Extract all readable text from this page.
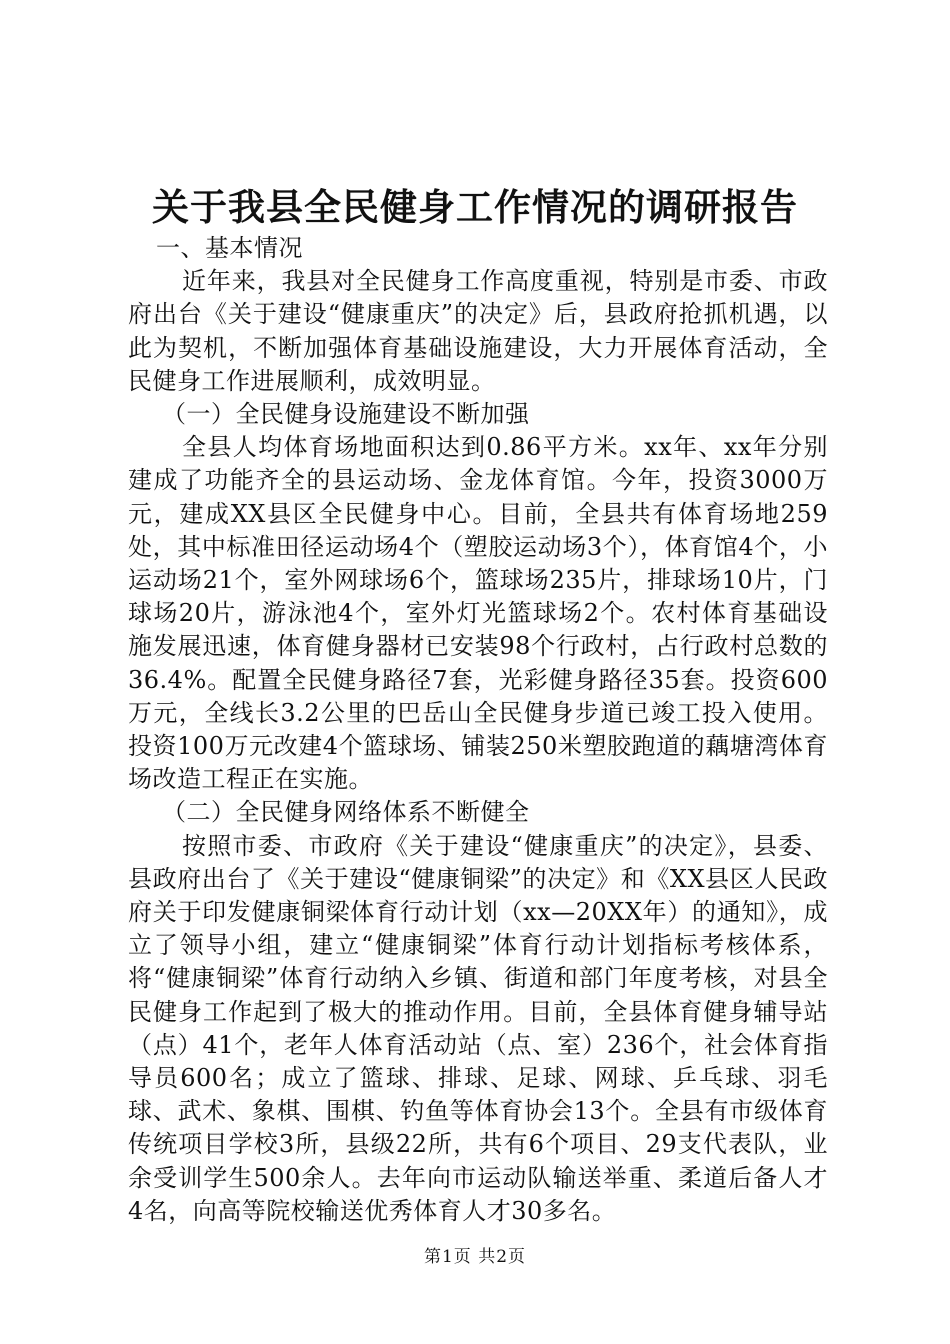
关于我县全民健身工作情况的调研报告
一、基本情况

近年来，我县对全民健身工作高度重视，特别是市委、市政府出台《关于建设“健康重庆”的决定》后，县政府抢抓机遇，以此为契机，不断加强体育基础设施建设，大力开展体育活动，全民健身工作进展顺利，成效明显。

（一）全民健身设施建设不断加强

全县人均体育场地面积达到0.86平方米。xx年、xx年分别建成了功能齐全的县运动场、金龙体育馆。今年，投资3000万元，建成XX县区全民健身中心。目前，全县共有体育场地259处，其中标准田径运动场4个（塑胶运动场3个），体育馆4个，小运动场21个，室外网球场6个，篮球场235片，排球场10片，门球场20片，游泳池4个，室外灯光篮球场2个。农村体育基础设施发展迅速，体育健身器材已安装98个行政村，占行政村总数的36.4%。配置全民健身路径7套，光彩健身路径35套。投资600万元，全线长3.2公里的巴岳山全民健身步道已竣工投入使用。投资100万元改建4个篮球场、铺装250米塑胶跑道的藕塘湾体育场改造工程正在实施。

（二）全民健身网络体系不断健全

按照市委、市政府《关于建设“健康重庆”的决定》，县委、县政府出台了《关于建设“健康铜梁”的决定》和《XX县区人民政府关于印发健康铜梁体育行动计划（xx—20XX年）的通知》，成立了领导小组，建立“健康铜梁”体育行动计划指标考核体系，将“健康铜梁”体育行动纳入乡镇、街道和部门年度考核，对县全民健身工作起到了极大的推动作用。目前，全县体育健身辅导站（点）41个，老年人体育活动站（点、室）236个，社会体育指导员600名；成立了篮球、排球、足球、网球、乒乓球、羽毛球、武术、象棋、围棋、钓鱼等体育协会13个。全县有市级体育传统项目学校3所，县级22所，共有6个项目、29支代表队，业余受训学生500余人。去年向市运动队输送举重、柔道后备人才4名，向高等院校输送优秀体育人才30多名。

第1页 共2页
